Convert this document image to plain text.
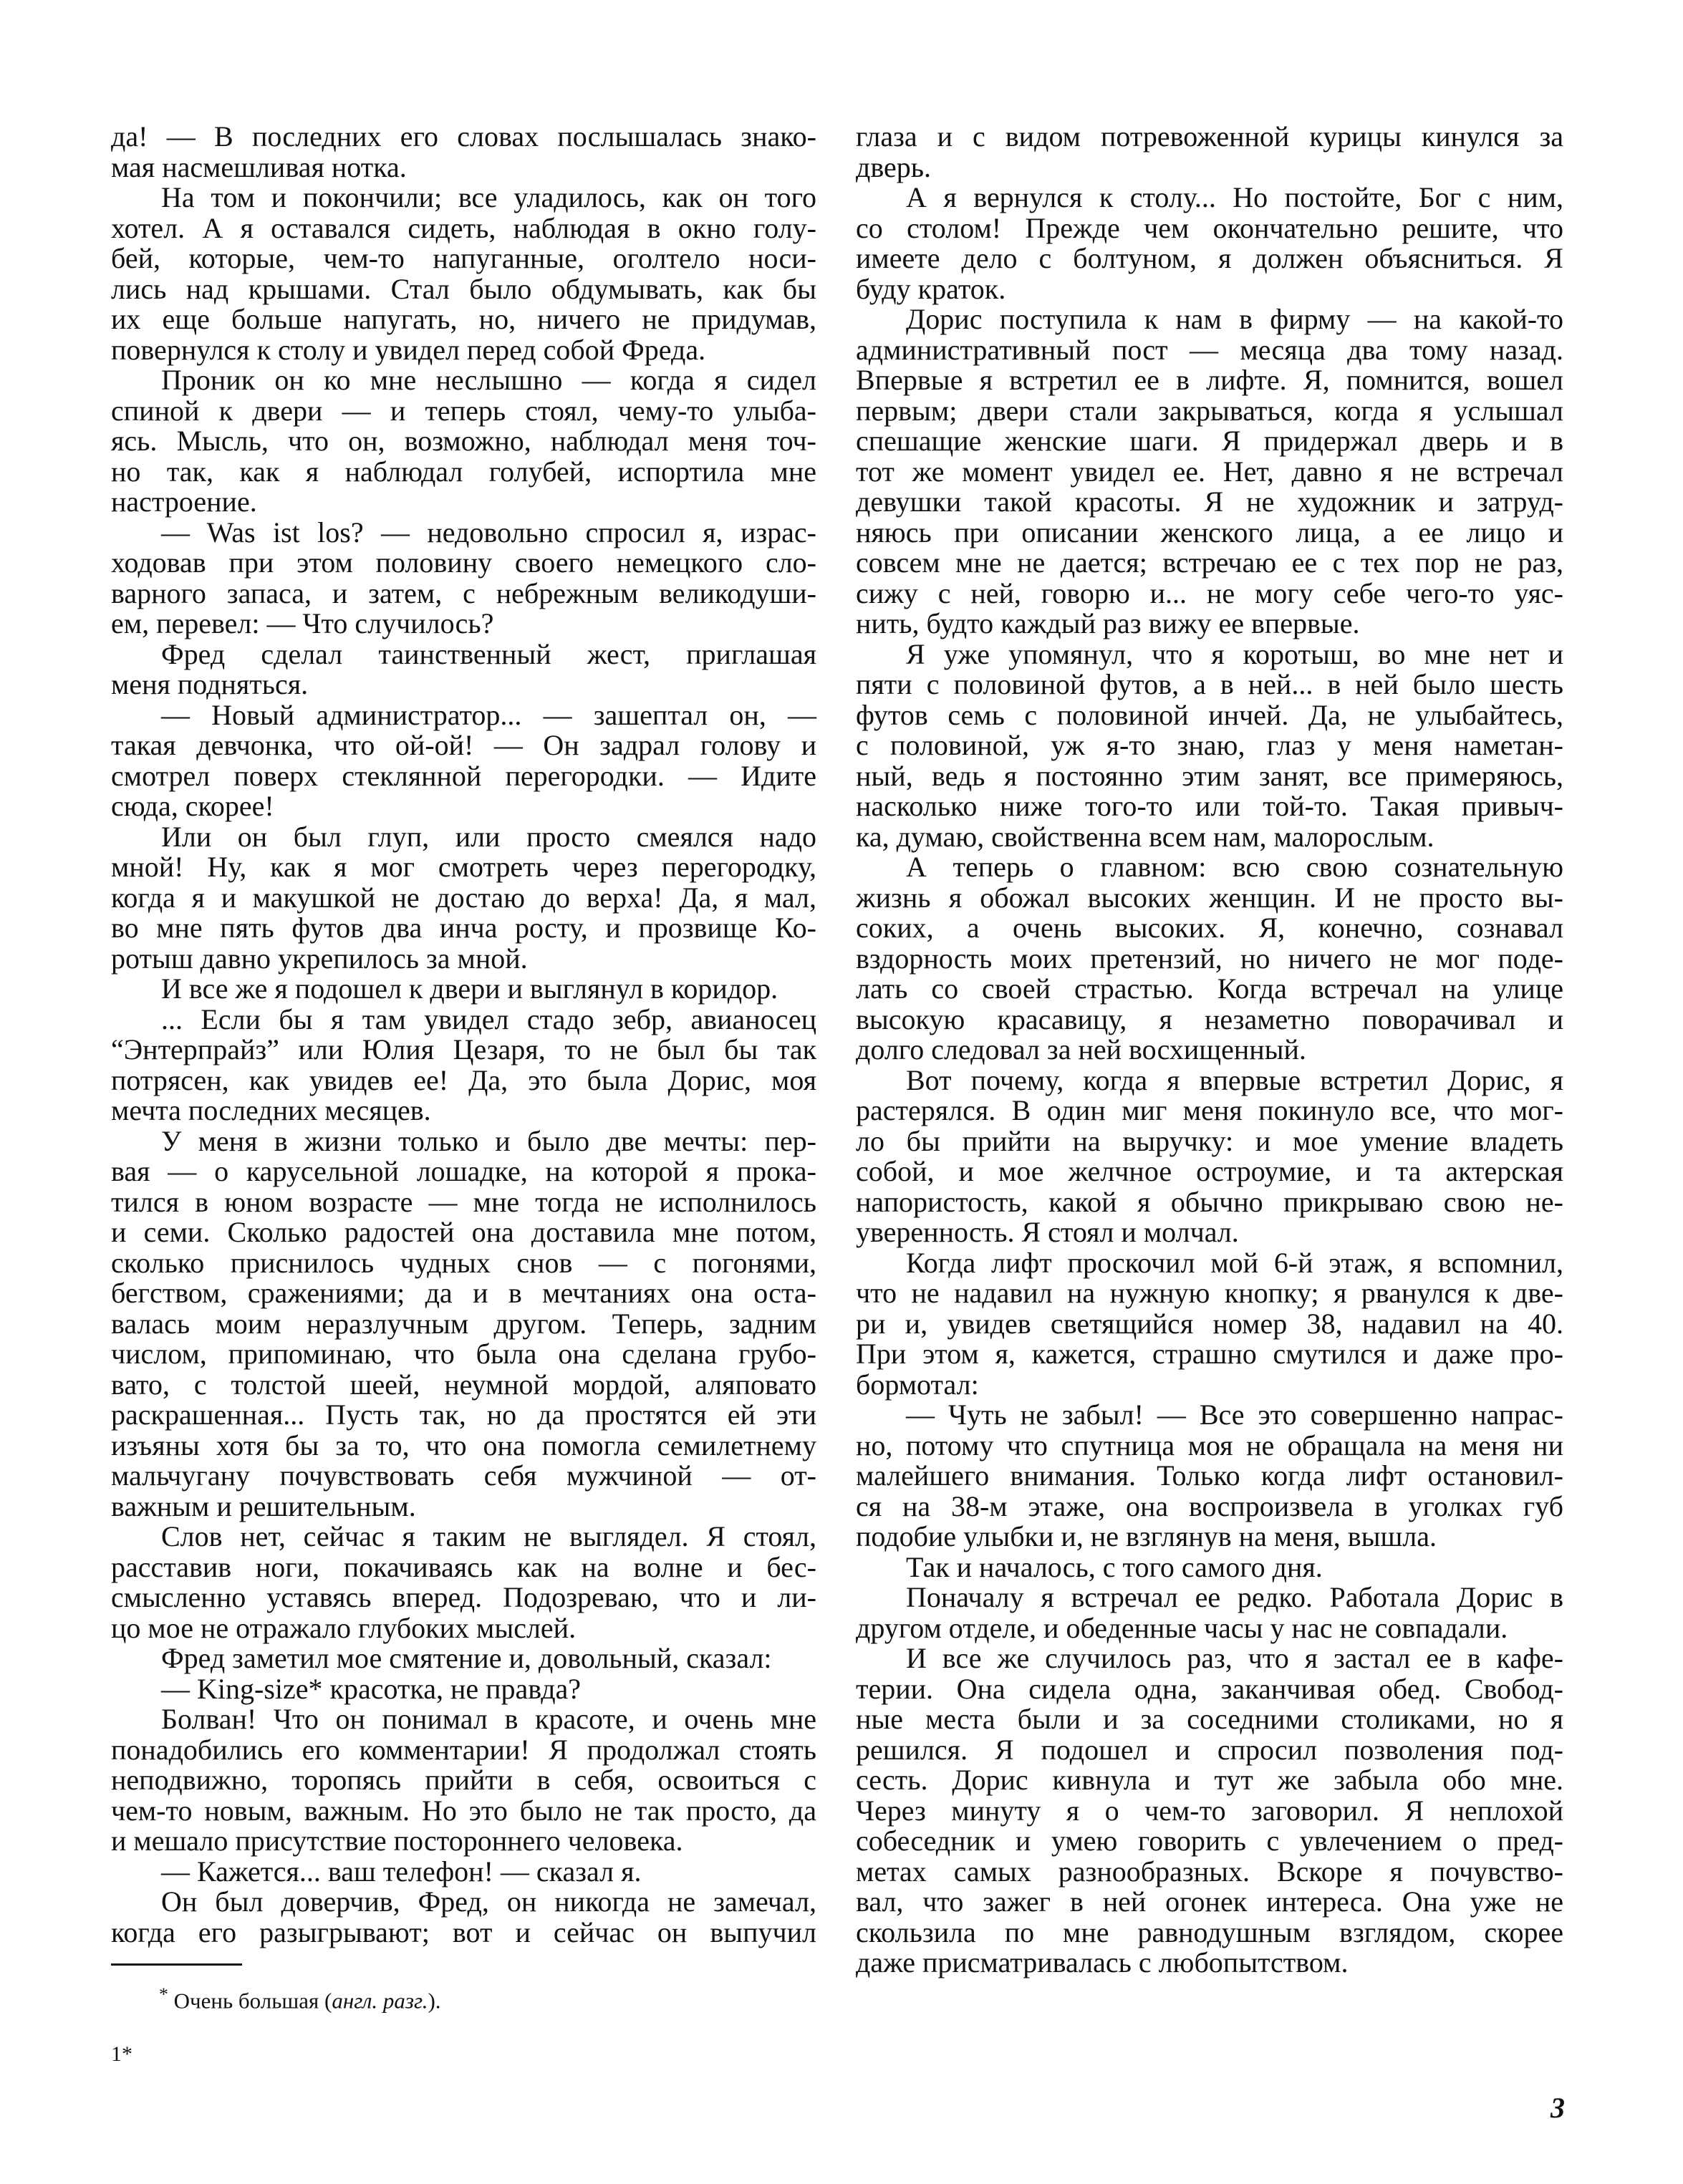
да! — В последних его словах послышалась знако-
мая насмешливая нотка.
На том и покончили; все уладилось, как он того
хотел. А я оставался сидеть, наблюдая в окно голу-
бей, которые, чем-то напуганные, оголтело носи-
лись над крышами. Стал было обдумывать, как бы
их еще больше напугать, но, ничего не придумав,
повернулся к столу и увидел перед собой Фреда.
Проник он ко мне неслышно — когда я сидел
спиной к двери — и теперь стоял, чему-то улыба-
ясь. Мысль, что он, возможно, наблюдал меня точ-
но так, как я наблюдал голубей, испортила мне
настроение.
— Was ist los? — недовольно спросил я, израс-
ходовав при этом половину своего немецкого сло-
варного запаса, и затем, с небрежным великодуши-
ем, перевел: — Что случилось?
Фред сделал таинственный жест, приглашая
меня подняться.
— Новый администратор... — зашептал он, —
такая девчонка, что ой-ой! — Он задрал голову и
смотрел поверх стеклянной перегородки. — Идите
сюда, скорее!
Или он был глуп, или просто смеялся надо
мной! Ну, как я мог смотреть через перегородку,
когда я и макушкой не достаю до верха! Да, я мал,
во мне пять футов два инча росту, и прозвище Ко-
ротыш давно укрепилось за мной.
И все же я подошел к двери и выглянул в коридор.
... Если бы я там увидел стадо зебр, авианосец
“Энтерпрайз” или Юлия Цезаря, то не был бы так
потрясен, как увидев ее! Да, это была Дорис, моя
мечта последних месяцев.
У меня в жизни только и было две мечты: пер-
вая — о карусельной лошадке, на которой я прока-
тился в юном возрасте — мне тогда не исполнилось
и семи. Сколько радостей она доставила мне потом,
сколько приснилось чудных снов — с погонями,
бегством, сражениями; да и в мечтаниях она оста-
валась моим неразлучным другом. Теперь, задним
числом, припоминаю, что была она сделана грубо-
вато, с толстой шеей, неумной мордой, аляповато
раскрашенная... Пусть так, но да простятся ей эти
изъяны хотя бы за то, что она помогла семилетнему
мальчугану почувствовать себя мужчиной — от-
важным и решительным.
Слов нет, сейчас я таким не выглядел. Я стоял,
расставив ноги, покачиваясь как на волне и бес-
смысленно уставясь вперед. Подозреваю, что и ли-
цо мое не отражало глубоких мыслей.
Фред заметил мое смятение и, довольный, сказал:
— King-size* красотка, не правда?
Болван! Что он понимал в красоте, и очень мне
понадобились его комментарии! Я продолжал стоять
неподвижно, торопясь прийти в себя, освоиться с
чем-то новым, важным. Но это было не так просто, да
и мешало присутствие постороннего человека.
— Кажется... ваш телефон! — сказал я.
Он был доверчив, Фред, он никогда не замечал,
когда его разыгрывают; вот и сейчас он выпучил
глаза и с видом потревоженной курицы кинулся за
дверь.
А я вернулся к столу... Но постойте, Бог с ним,
со столом! Прежде чем окончательно решите, что
имеете дело с болтуном, я должен объясниться. Я
буду краток.
Дорис поступила к нам в фирму — на какой-то
административный пост — месяца два тому назад.
Впервые я встретил ее в лифте. Я, помнится, вошел
первым; двери стали закрываться, когда я услышал
спешащие женские шаги. Я придержал дверь и в
тот же момент увидел ее. Нет, давно я не встречал
девушки такой красоты. Я не художник и затруд-
няюсь при описании женского лица, а ее лицо и
совсем мне не дается; встречаю ее с тех пор не раз,
сижу с ней, говорю и... не могу себе чего-то уяс-
нить, будто каждый раз вижу ее впервые.
Я уже упомянул, что я коротыш, во мне нет и
пяти с половиной футов, а в ней... в ней было шесть
футов семь с половиной инчей. Да, не улыбайтесь,
с половиной, уж я-то знаю, глаз у меня наметан-
ный, ведь я постоянно этим занят, все примеряюсь,
насколько ниже того-то или той-то. Такая привыч-
ка, думаю, свойственна всем нам, малорослым.
А теперь о главном: всю свою сознательную
жизнь я обожал высоких женщин. И не просто вы-
соких, а очень высоких. Я, конечно, сознавал
вздорность моих претензий, но ничего не мог поде-
лать со своей страстью. Когда встречал на улице
высокую красавицу, я незаметно поворачивал и
долго следовал за ней восхищенный.
Вот почему, когда я впервые встретил Дорис, я
растерялся. В один миг меня покинуло все, что мог-
ло бы прийти на выручку: и мое умение владеть
собой, и мое желчное остроумие, и та актерская
напористость, какой я обычно прикрываю свою не-
уверенность. Я стоял и молчал.
Когда лифт проскочил мой 6-й этаж, я вспомнил,
что не надавил на нужную кнопку; я рванулся к две-
ри и, увидев светящийся номер 38, надавил на 40.
При этом я, кажется, страшно смутился и даже про-
бормотал:
— Чуть не забыл! — Все это совершенно напрас-
но, потому что спутница моя не обращала на меня ни
малейшего внимания. Только когда лифт остановил-
ся на 38-м этаже, она воспроизвела в уголках губ
подобие улыбки и, не взглянув на меня, вышла.
Так и началось, с того самого дня.
Поначалу я встречал ее редко. Работала Дорис в
другом отделе, и обеденные часы у нас не совпадали.
И все же случилось раз, что я застал ее в кафе-
терии. Она сидела одна, заканчивая обед. Свобод-
ные места были и за соседними столиками, но я
решился. Я подошел и спросил позволения под-
сесть. Дорис кивнула и тут же забыла обо мне.
Через минуту я о чем-то заговорил. Я неплохой
собеседник и умею говорить с увлечением о пред-
метах самых разнообразных. Вскоре я почувство-
вал, что зажег в ней огонек интереса. Она уже не
скользила по мне равнодушным взглядом, скорее
даже присматривалась с любопытством.
* Очень большая (англ. разг.).
1*
3
